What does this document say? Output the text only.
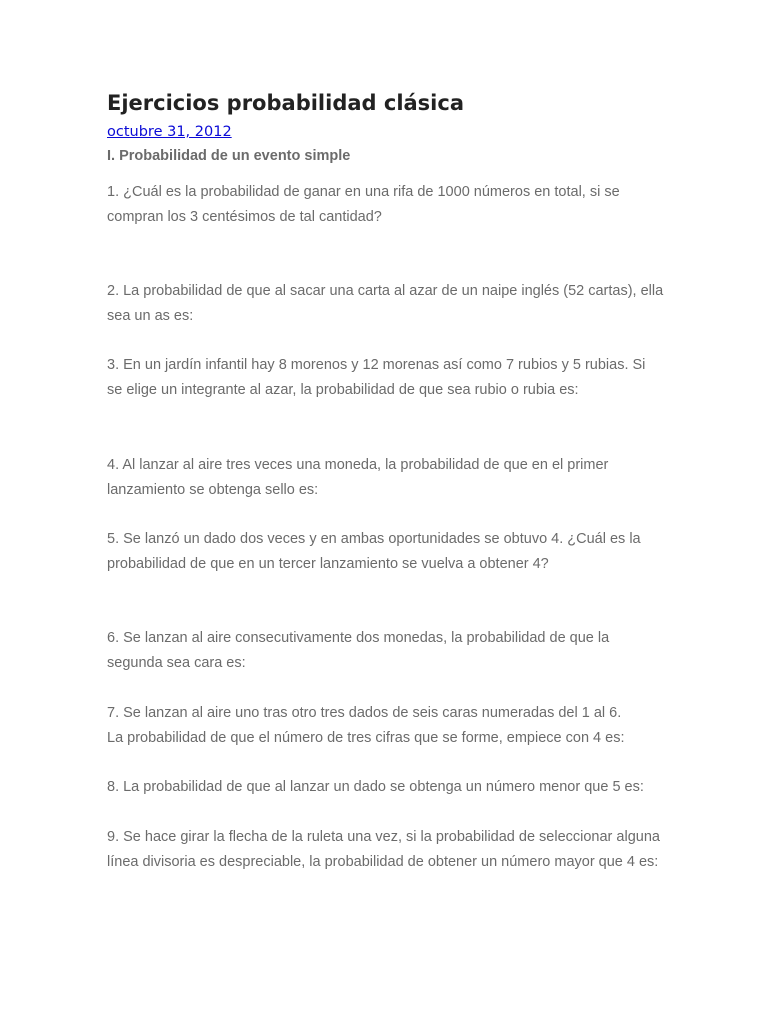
Ejercicios probabilidad clásica
octubre 31, 2012
I. Probabilidad de un evento simple

1. ¿Cuál es la probabilidad de ganar en una rifa de 1000 números en total, si se

compran los 3 centésimos de tal cantidad?

2. La probabilidad de que al sacar una carta al azar de un naipe inglés (52 cartas), ella

sea un as es:

3. En un jardín infantil hay 8 morenos y 12 morenas así como 7 rubios y 5 rubias. Si

se elige un integrante al azar, la probabilidad de que sea rubio o rubia es:

4. Al lanzar al aire tres veces una moneda, la probabilidad de que en el primer

lanzamiento se obtenga sello es:

5. Se lanzó un dado dos veces y en ambas oportunidades se obtuvo 4. ¿Cuál es la

probabilidad de que en un tercer lanzamiento se vuelva a obtener 4?

6. Se lanzan al aire consecutivamente dos monedas, la probabilidad de que la

segunda sea cara es:

7. Se lanzan al aire uno tras otro tres dados de seis caras numeradas del 1 al 6.

La probabilidad de que el número de tres cifras que se forme, empiece con 4 es:

8. La probabilidad de que al lanzar un dado se obtenga un número menor que 5 es:

9. Se hace girar la flecha de la ruleta una vez, si la probabilidad de seleccionar alguna

línea divisoria es despreciable, la probabilidad de obtener un número mayor que 4 es:
